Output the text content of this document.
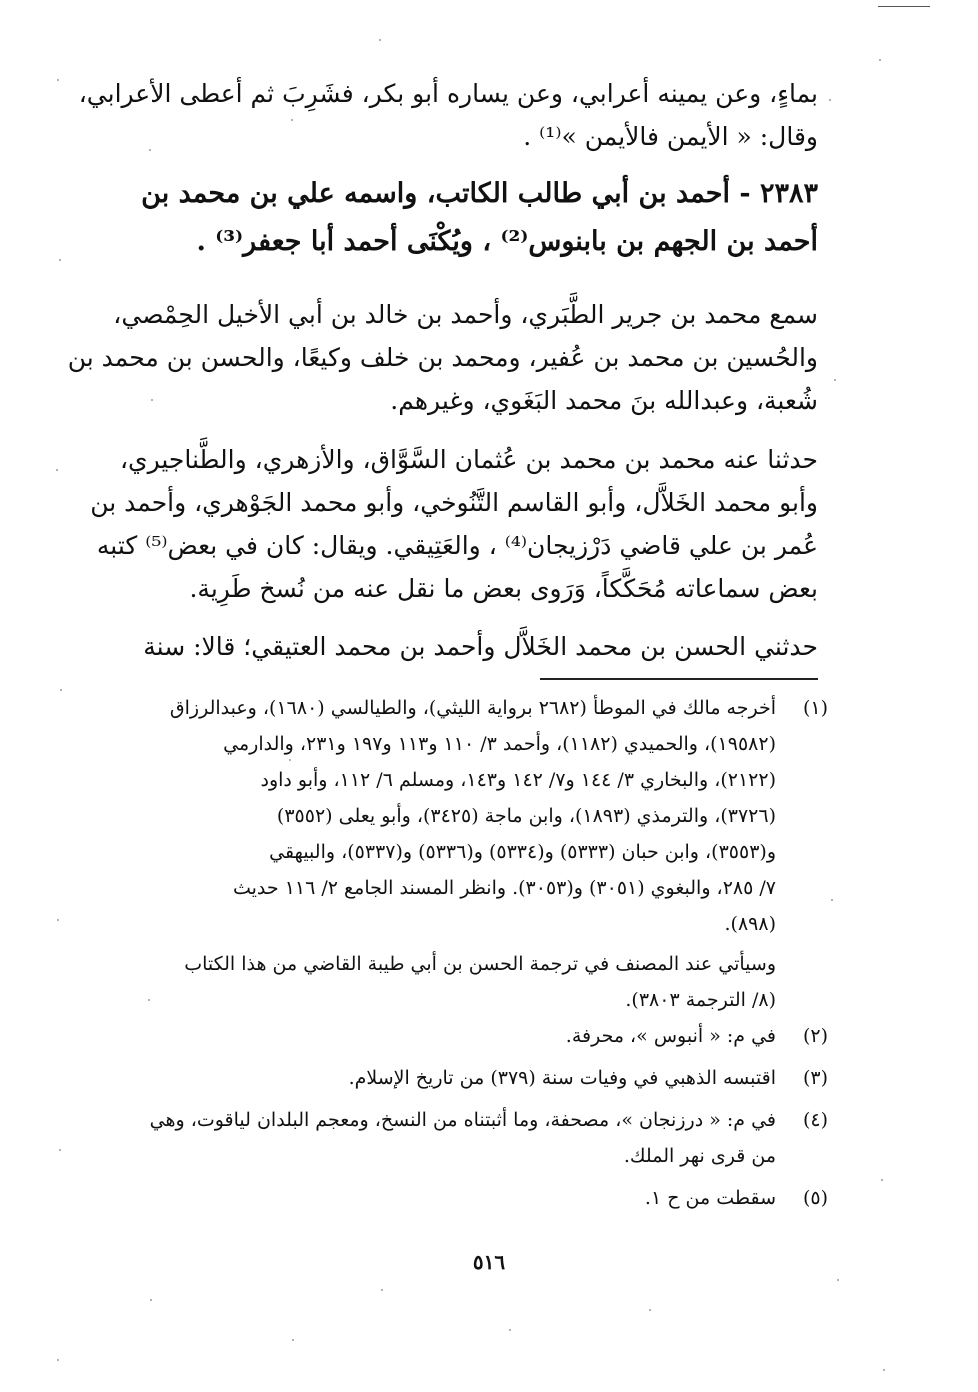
بماءٍ، وعن يمينه أعرابي، وعن يساره أبو بكر، فشَرِبَ ثم أعطى الأعرابي،
وقال: « الأيمن فالأيمن »⁽¹⁾ .
٢٣٨٣ - أحمد بن أبي طالب الكاتب، واسمه علي بن محمد بن
أحمد بن الجهم بن بابنوس⁽²⁾ ، ويُكْنَى أحمد أبا جعفر⁽³⁾ .
سمع محمد بن جرير الطَّبَري، وأحمد بن خالد بن أبي الأخيل الحِمْصي،
والحُسين بن محمد بن عُفير، ومحمد بن خلف وكيعًا، والحسن بن محمد بن
شُعبة، وعبدالله بنَ محمد البَغَوي، وغيرهم.
حدثنا عنه محمد بن محمد بن عُثمان السَّوَّاق، والأزهري، والطَّناجيري،
وأبو محمد الخَلاَّل، وأبو القاسم التَّنُوخي، وأبو محمد الجَوْهري، وأحمد بن
عُمر بن علي قاضي دَرْزيجان⁽⁴⁾ ، والعَتِيقي. ويقال: كان في بعض⁽⁵⁾ كتبه
بعض سماعاته مُحَكَّكاً، وَرَوى بعض ما نقل عنه من نُسخ طَرِية.
حدثني الحسن بن محمد الخَلاَّل وأحمد بن محمد العتيقي؛ قالا: سنة
(١)
أخرجه مالك في الموطأ (٢٦٨٢ برواية الليثي)، والطيالسي (١٦٨٠)، وعبدالرزاق
(١٩٥٨٢)، والحميدي (١١٨٢)، وأحمد ٣/ ١١٠ و١١٣ و١٩٧ و٢٣١، والدارمي
(٢١٢٢)، والبخاري ٣/ ١٤٤ و٧/ ١٤٢ و١٤٣، ومسلم ٦/ ١١٢، وأبو داود
(٣٧٢٦)، والترمذي (١٨٩٣)، وابن ماجة (٣٤٢٥)، وأبو يعلى (٣٥٥٢)
و(٣٥٥٣)، وابن حبان (٥٣٣٣) و(٥٣٣٤) و(٥٣٣٦) و(٥٣٣٧)، والبيهقي
٧/ ٢٨٥، والبغوي (٣٠٥١) و(٣٠٥٣). وانظر المسند الجامع ٢/ ١١٦ حديث
(٨٩٨).
وسيأتي عند المصنف في ترجمة الحسن بن أبي طيبة القاضي من هذا الكتاب
(٨/ الترجمة ٣٨٠٣).
(٢)
في م: « أنبوس »، محرفة.
(٣)
اقتبسه الذهبي في وفيات سنة (٣٧٩) من تاريخ الإسلام.
(٤)
في م: « درزنجان »، مصحفة، وما أثبتناه من النسخ، ومعجم البلدان لياقوت، وهي
من قرى نهر الملك.
(٥)
سقطت من ح ١.
٥١٦
